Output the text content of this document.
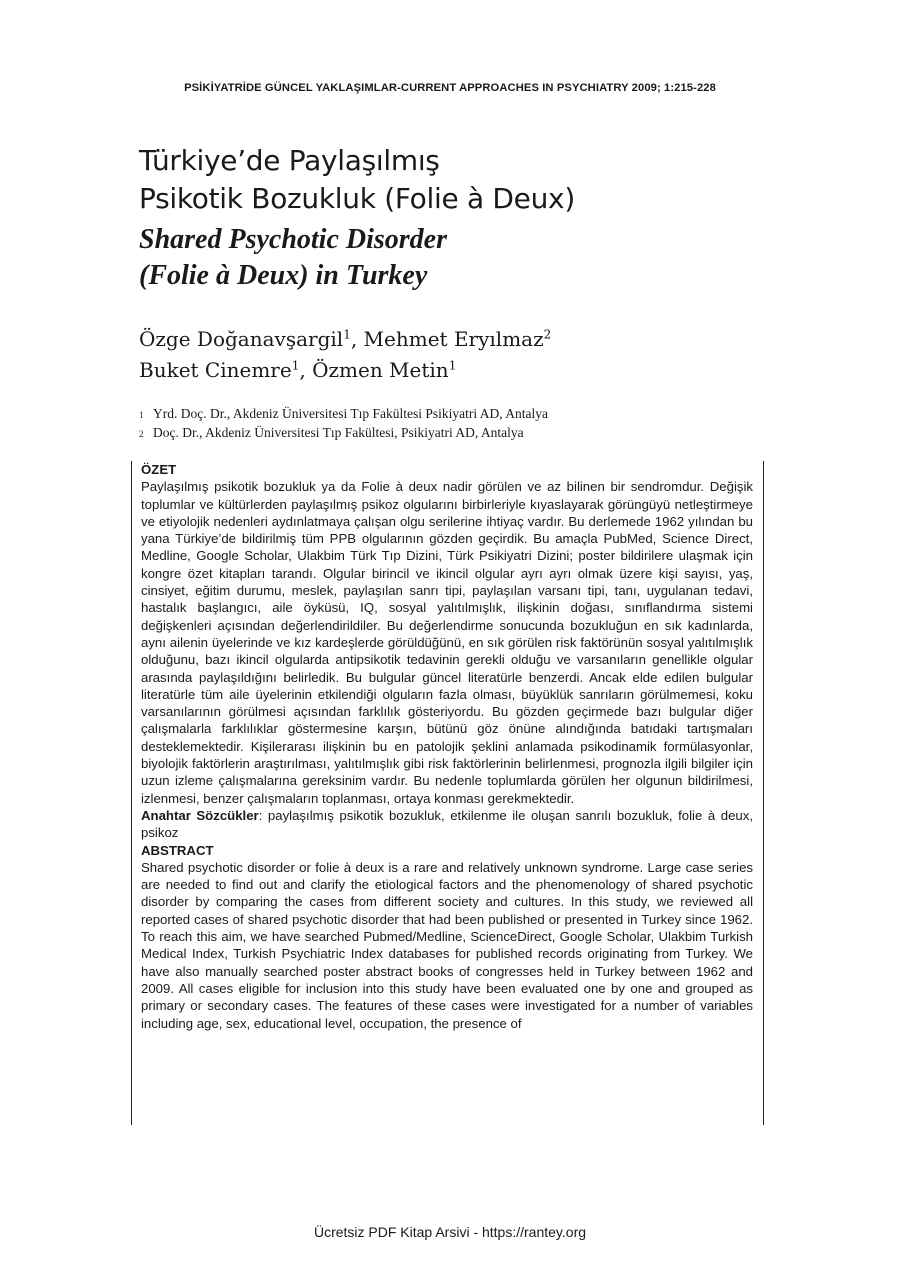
PSİKİYATRİDE GÜNCEL YAKLAŞIMLAR-CURRENT APPROACHES IN PSYCHIATRY 2009; 1:215-228
Türkiye’de Paylaşılmış
Psikotik Bozukluk (Folie à Deux)
Shared Psychotic Disorder
(Folie à Deux) in Turkey
Özge Doğanavşargil$^1$, Mehmet Eryılmaz$^2$
Buket Cinemre$^1$, Özmen Metin$^1$
1 Yrd. Doç. Dr., Akdeniz Üniversitesi Tıp Fakültesi Psikiyatri AD, Antalya
2 Doç. Dr., Akdeniz Üniversitesi Tıp Fakültesi, Psikiyatri AD, Antalya
ÖZET

Paylaşılmış psikotik bozukluk ya da Folie à deux nadir görülen ve az bilinen bir sendromdur. Değişik toplumlar ve kültürlerden paylaşılmış psikoz olgularını birbirleriyle kıyaslayarak görüngüyü netleştirmeye ve etiyolojik nedenleri aydınlatmaya çalışan olgu serilerine ihtiyaç vardır. Bu derlemede 1962 yılından bu yana Türkiye’de bildirilmiş tüm PPB olgularının gözden geçirdik. Bu amaçla PubMed, Science Direct, Medline, Google Scholar, Ulakbim Türk Tıp Dizini, Türk Psikiyatri Dizini; poster bildirilere ulaşmak için kongre özet kitapları tarandı. Olgular birincil ve ikincil olgular ayrı ayrı olmak üzere kişi sayısı, yaş, cinsiyet, eğitim durumu, meslek, paylaşılan sanrı tipi, paylaşılan varsanı tipi, tanı, uygulanan tedavi, hastalık başlangıcı, aile öyküsü, IQ, sosyal yalıtılmışlık, ilişkinin doğası, sınıflandırma sistemi değişkenleri açısından değerlendirildiler. Bu değerlendirme sonucunda bozukluğun en sık kadınlarda, aynı ailenin üyelerinde ve kız kardeşlerde görüldüğünü, en sık görülen risk faktörünün sosyal yalıtılmışlık olduğunu, bazı ikincil olgularda antipsikotik tedavinin gerekli olduğu ve varsanıların genellikle olgular arasında paylaşıldığını belirledik. Bu bulgular güncel literatürle benzerdi. Ancak elde edilen bulgular literatürle tüm aile üyelerinin etkilendiği olguların fazla olması, büyüklük sanrıların görülmemesi, koku varsanılarının görülmesi açısından farklılık gösteriyordu. Bu gözden geçirmede bazı bulgular diğer çalışmalarla farklılıklar göstermesine karşın, bütünü göz önüne alındığında batıdaki tartışmaları desteklemektedir. Kişilerarası ilişkinin bu en patolojik şeklini anlamada psikodinamik formülasyonlar, biyolojik faktörlerin araştırılması, yalıtılmışlık gibi risk faktörlerinin belirlenmesi, prognozla ilgili bilgiler için uzun izleme çalışmalarına gereksinim vardır. Bu nedenle toplumlarda görülen her olgunun bildirilmesi, izlenmesi, benzer çalışmaların toplanması, ortaya konması gerekmektedir.

Anahtar Sözcükler: paylaşılmış psikotik bozukluk, etkilenme ile oluşan sanrılı bozukluk, folie à deux, psikoz

ABSTRACT

Shared psychotic disorder or folie à deux is a rare and relatively unknown syndrome. Large case series are needed to find out and clarify the etiological factors and the phenomenology of shared psychotic disorder by comparing the cases from different society and cultures. In this study, we reviewed all reported cases of shared psychotic disorder that had been published or presented in Turkey since 1962. To reach this aim, we have searched Pubmed/Medline, ScienceDirect, Google Scholar, Ulakbim Turkish Medical Index, Turkish Psychiatric Index databases for published records originating from Turkey. We have also manually searched poster abstract books of congresses held in Turkey between 1962 and 2009. All cases eligible for inclusion into this study have been evaluated one by one and grouped as primary or secondary cases. The features of these cases were investigated for a number of variables including age, sex, educational level, occupation, the presence of

Ücretsiz PDF Kitap Arsivi - https://rantey.org
